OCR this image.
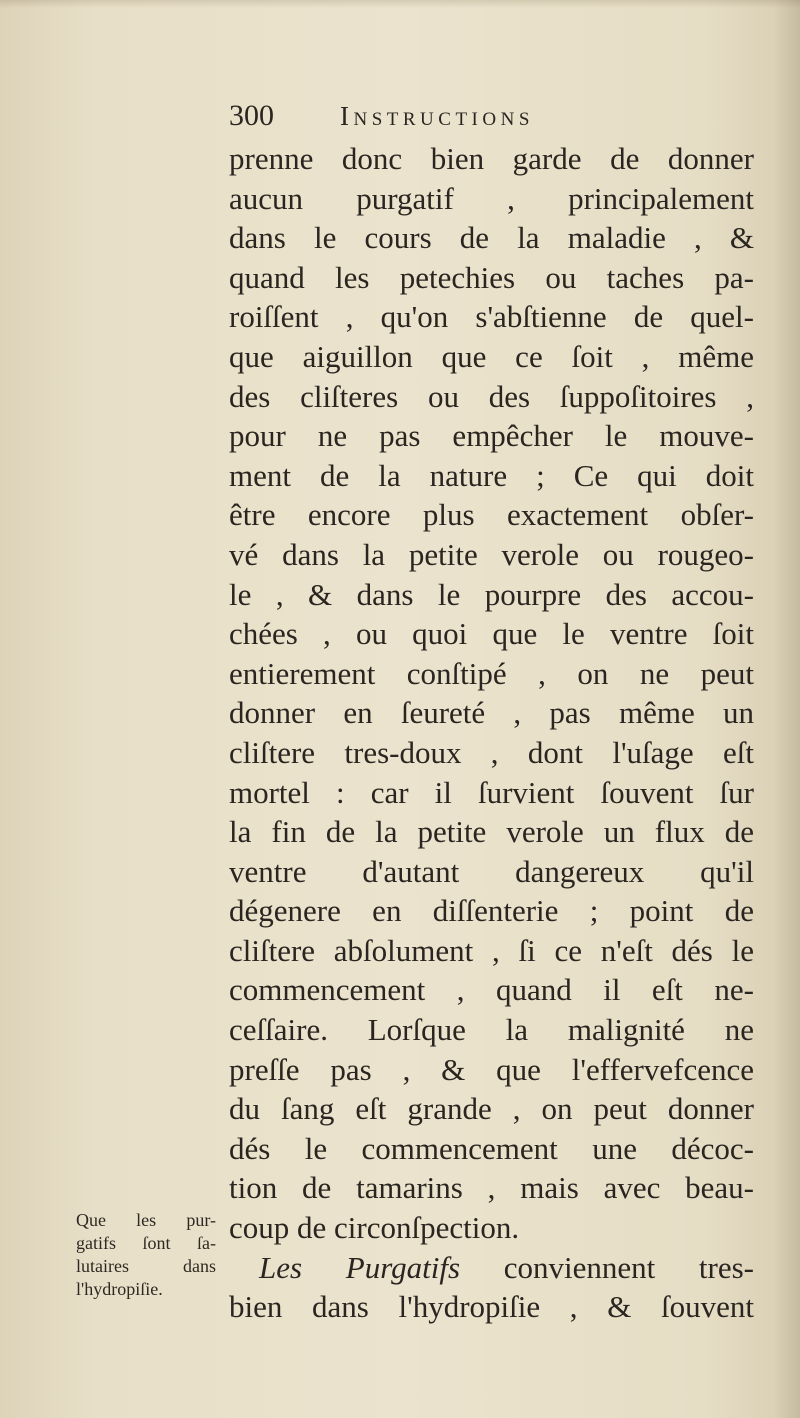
300 Instructions
prenne donc bien garde de donner
aucun purgatif , principalement
dans le cours de la maladie , &
quand les petechies ou taches pa-
roiſſent , qu'on s'abſtienne de quel-
que aiguillon que ce ſoit , même
des cliſteres ou des ſuppoſitoires ,
pour ne pas empêcher le mouve-
ment de la nature ; Ce qui doit
être encore plus exactement obſer-
vé dans la petite verole ou rougeo-
le , & dans le pourpre des accou-
chées , ou quoi que le ventre ſoit
entierement conſtipé , on ne peut
donner en ſeureté , pas même un
cliſtere tres-doux , dont l'uſage eſt
mortel : car il ſurvient ſouvent ſur
la fin de la petite verole un flux de
ventre d'autant dangereux qu'il
dégenere en diſſenterie ; point de
cliſtere abſolument , ſi ce n'eſt dés le
commencement , quand il eſt ne-
ceſſaire. Lorſque la malignité ne
preſſe pas , & que l'effervefcence
du ſang eſt grande , on peut donner
dés le commencement une décoc-
tion de tamarins , mais avec beau-
coup de circonſpection.
Les Purgatifs conviennent tres-
bien dans l'hydropiſie , & ſouvent
Que les pur-
gatifs ſont ſa-
lutaires dans
l'hydropiſie.
